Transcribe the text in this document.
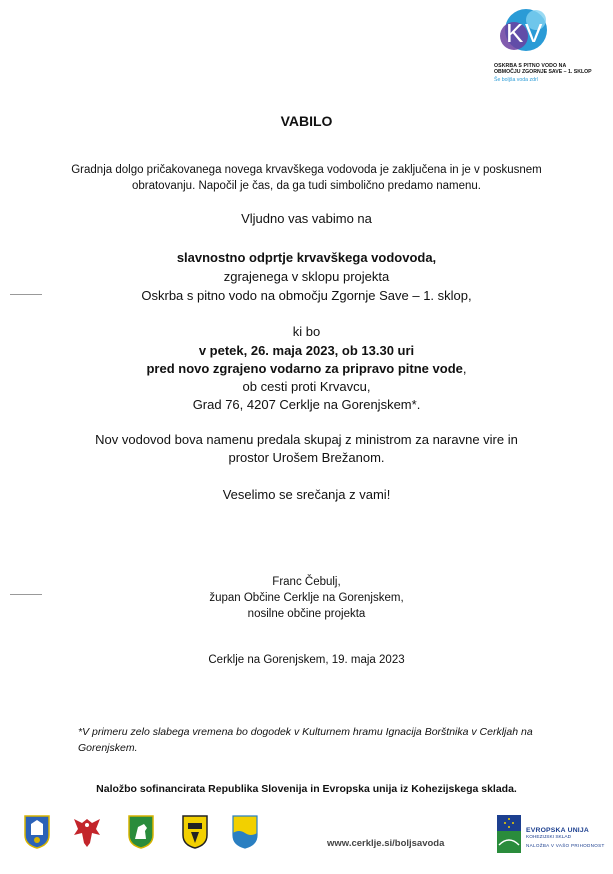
K V
OSKRBA S PITNO VODO NA
OBMOČJU ZGORNJE SAVE – 1. SKLOP
Še boljša voda zdrl
VABILO
Gradnja dolgo pričakovanega novega krvavškega vodovoda je zaključena in je v poskusnem
obratovanju. Napočil je čas, da ga tudi simbolično predamo namenu.
Vljudno vas vabimo na
slavnostno odprtje krvavškega vodovoda,
zgrajenega v sklopu projekta
Oskrba s pitno vodo na območju Zgornje Save – 1. sklop,
ki bo
v petek, 26. maja 2023, ob 13.30 uri
pred novo zgrajeno vodarno za pripravo pitne vode,
ob cesti proti Krvavcu,
Grad 76, 4207 Cerklje na Gorenjskem*.
Nov vodovod bova namenu predala skupaj z ministrom za naravne vire in
prostor Urošem Brežanom.
Veselimo se srečanja z vami!
Franc Čebulj,
župan Občine Cerklje na Gorenjskem,
nosilne občine projekta
Cerklje na Gorenjskem, 19. maja 2023
*V primeru zelo slabega vremena bo dogodek v Kulturnem hramu Ignacija Borštnika v Cerkljah na
Gorenjskem.
Naložbo sofinancirata Republika Slovenija in Evropska unija iz Kohezijskega sklada.
www.cerklje.si/boljsavoda
EVROPSKA UNIJA
KOHEZIJSKI SKLAD
NALOŽBA V VAŠO PRIHODNOST
